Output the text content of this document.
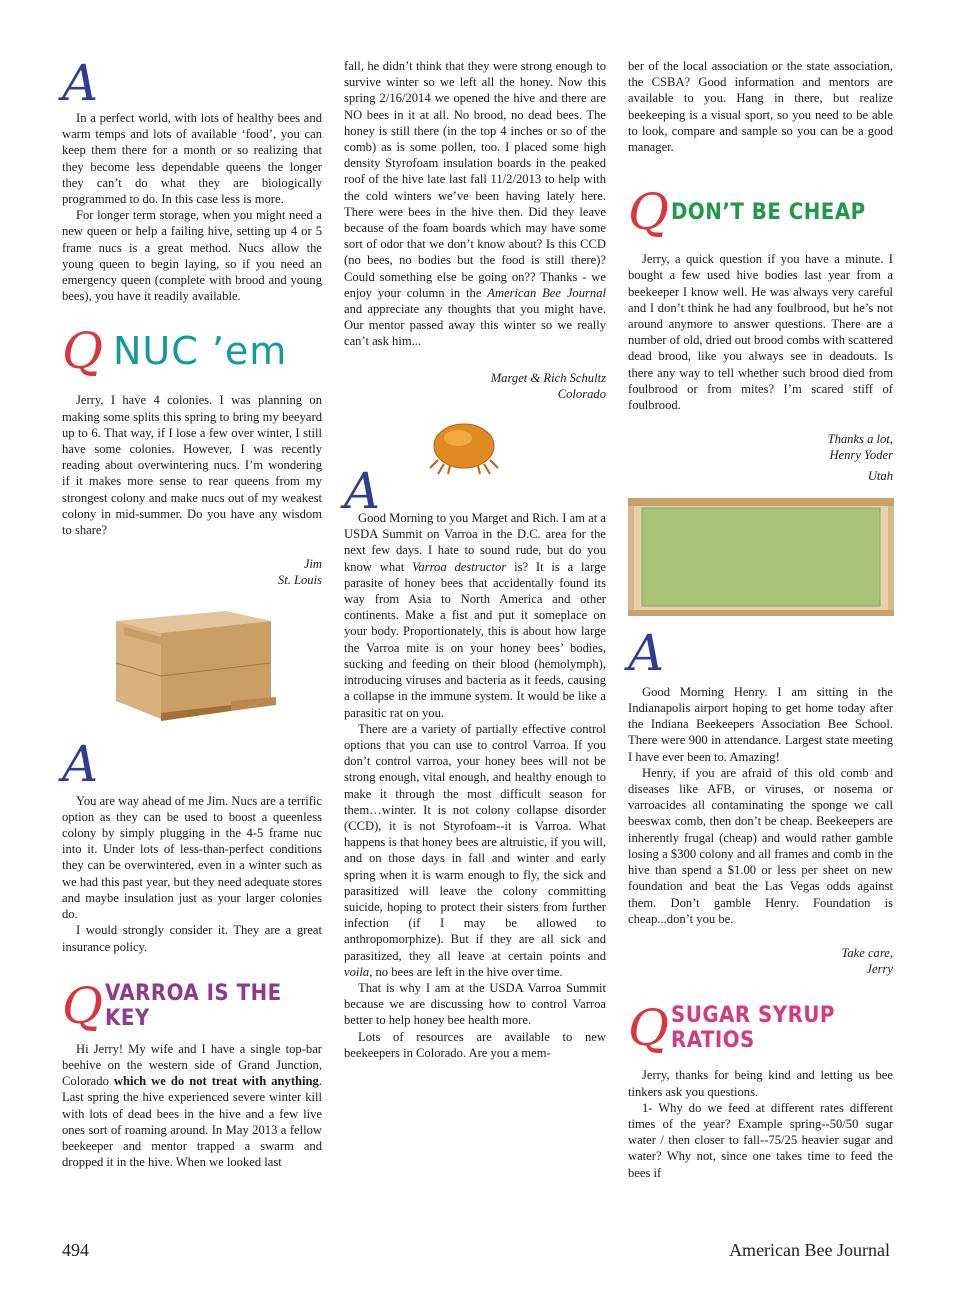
A

In a perfect world, with lots of healthy bees and warm temps and lots of available ‘food’, you can keep them there for a month or so realizing that they become less dependable queens the longer they can’t do what they are biologically programmed to do. In this case less is more.

For longer term storage, when you might need a new queen or help a failing hive, setting up 4 or 5 frame nucs is a great method. Nucs allow the young queen to begin laying, so if you need an emergency queen (complete with brood and young bees), you have it readily available.

Q NUC ’em

Jerry, I have 4 colonies. I was planning on making some splits this spring to bring my beeyard up to 6. That way, if I lose a few over winter, I still have some colonies. However, I was recently reading about overwintering nucs. I’m wondering if it makes more sense to rear queens from my strongest colony and make nucs out of my weakest colony in mid-summer. Do you have any wisdom to share?

Jim
St. Louis
A

You are way ahead of me Jim. Nucs are a terrific option as they can be used to boost a queenless colony by simply plugging in the 4-5 frame nuc into it. Under lots of less-than-perfect conditions they can be overwintered, even in a winter such as we had this past year, but they need adequate stores and maybe insulation just as your larger colonies do.

I would strongly consider it. They are a great insurance policy.

Q VARROA IS THE KEY

Hi Jerry! My wife and I have a single top-bar beehive on the western side of Grand Junction, Colorado which we do not treat with anything. Last spring the hive experienced severe winter kill with lots of dead bees in the hive and a few live ones sort of roaming around. In May 2013 a fellow beekeeper and mentor trapped a swarm and dropped it in the hive. When we looked last

fall, he didn’t think that they were strong enough to survive winter so we left all the honey. Now this spring 2/16/2014 we opened the hive and there are NO bees in it at all. No brood, no dead bees. The honey is still there (in the top 4 inches or so of the comb) as is some pollen, too. I placed some high density Styrofoam insulation boards in the peaked roof of the hive late last fall 11/2/2013 to help with the cold winters we’ve been having lately here. There were bees in the hive then. Did they leave because of the foam boards which may have some sort of odor that we don’t know about? Is this CCD (no bees, no bodies but the food is still there)? Could something else be going on?? Thanks - we enjoy your column in the American Bee Journal and appreciate any thoughts that you might have. Our mentor passed away this winter so we really can’t ask him...

Marget & Rich Schultz
Colorado
A

Good Morning to you Marget and Rich. I am at a USDA Summit on Varroa in the D.C. area for the next few days. I hate to sound rude, but do you know what Varroa destructor is? It is a large parasite of honey bees that accidentally found its way from Asia to North America and other continents. Make a fist and put it someplace on your body. Proportionately, this is about how large the Varroa mite is on your honey bees’ bodies, sucking and feeding on their blood (hemolymph), introducing viruses and bacteria as it feeds, causing a collapse in the immune system. It would be like a parasitic rat on you.

There are a variety of partially effective control options that you can use to control Varroa. If you don’t control varroa, your honey bees will not be strong enough, vital enough, and healthy enough to make it through the most difficult season for them…winter. It is not colony collapse disorder (CCD), it is not Styrofoam--it is Varroa. What happens is that honey bees are altruistic, if you will, and on those days in fall and winter and early spring when it is warm enough to fly, the sick and parasitized will leave the colony committing suicide, hoping to protect their sisters from further infection (if I may be allowed to anthropomorphize). But if they are all sick and parasitized, they all leave at certain points and voila, no bees are left in the hive over time.

That is why I am at the USDA Varroa Summit because we are discussing how to control Varroa better to help honey bee health more.

Lots of resources are available to new beekeepers in Colorado. Are you a mem-

ber of the local association or the state association, the CSBA? Good information and mentors are available to you. Hang in there, but realize beekeeping is a visual sport, so you need to be able to look, compare and sample so you can be a good manager.

Q DON’T BE CHEAP

Jerry, a quick question if you have a minute. I bought a few used hive bodies last year from a beekeeper I know well. He was always very careful and I don’t think he had any foulbrood, but he’s not around anymore to answer questions. There are a number of old, dried out brood combs with scattered dead brood, like you always see in deadouts. Is there any way to tell whether such brood died from foulbrood or from mites? I’m scared stiff of foulbrood.

Thanks a lot,
Henry Yoder
Utah
A

Good Morning Henry. I am sitting in the Indianapolis airport hoping to get home today after the Indiana Beekeepers Association Bee School. There were 900 in attendance. Largest state meeting I have ever been to. Amazing!

Henry, if you are afraid of this old comb and diseases like AFB, or viruses, or nosema or varroacides all contaminating the sponge we call beeswax comb, then don’t be cheap. Beekeepers are inherently frugal (cheap) and would rather gamble losing a $300 colony and all frames and comb in the hive than spend a $1.00 or less per sheet on new foundation and beat the Las Vegas odds against them. Don’t gamble Henry. Foundation is cheap...don’t you be.

Take care,
Jerry
Q SUGAR SYRUP RATIOS

Jerry, thanks for being kind and letting us bee tinkers ask you questions.

1- Why do we feed at different rates different times of the year? Example spring--50/50 sugar water / then closer to fall--75/25 heavier sugar and water? Why not, since one takes time to feed the bees if

494	American Bee Journal
